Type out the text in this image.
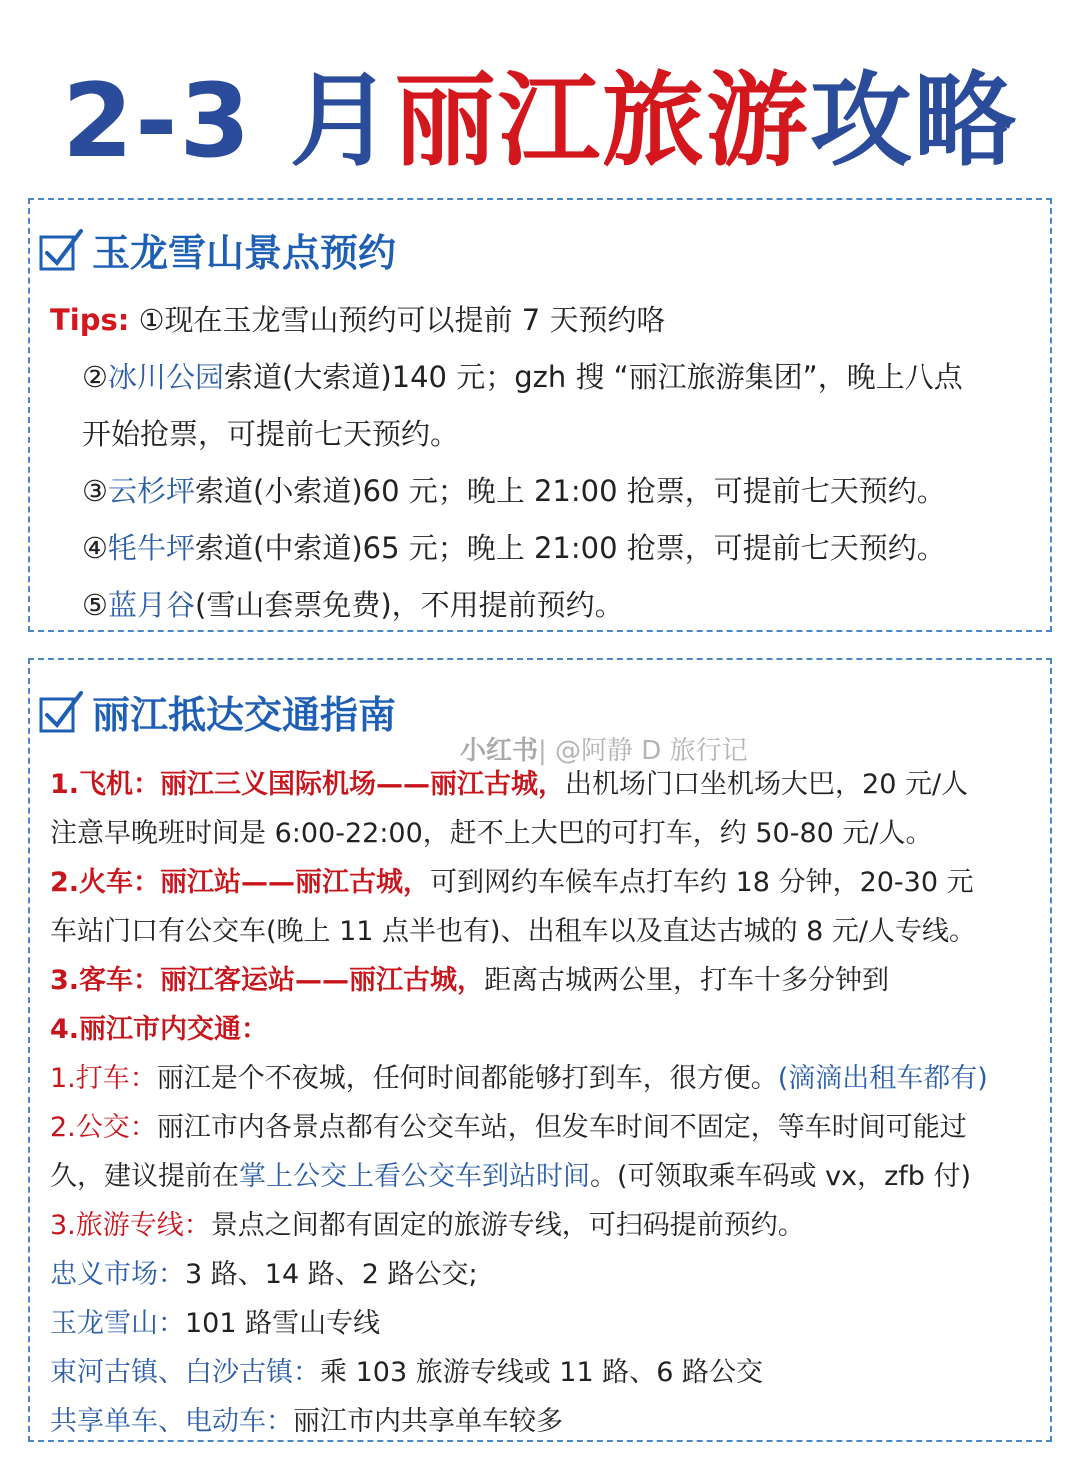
2-3 月丽江旅游攻略
玉龙雪山景点预约
Tips: ①现在玉龙雪山预约可以提前 7 天预约咯
②冰川公园索道(大索道)140 元；gzh 搜 “丽江旅游集团”，晚上八点
开始抢票，可提前七天预约。
③云杉坪索道(小索道)60 元；晚上 21:00 抢票，可提前七天预约。
④牦牛坪索道(中索道)65 元；晚上 21:00 抢票，可提前七天预约。
⑤蓝月谷(雪山套票免费)，不用提前预约。
丽江抵达交通指南
1.飞机：丽江三义国际机场——丽江古城，出机场门口坐机场大巴，20 元/人
注意早晚班时间是 6:00-22:00，赶不上大巴的可打车，约 50-80 元/人。
2.火车：丽江站——丽江古城，可到网约车候车点打车约 18 分钟，20-30 元
车站门口有公交车(晚上 11 点半也有)、出租车以及直达古城的 8 元/人专线。
3.客车：丽江客运站——丽江古城，距离古城两公里，打车十多分钟到
4.丽江市内交通：
1.打车：丽江是个不夜城，任何时间都能够打到车，很方便。(滴滴出租车都有)
2.公交：丽江市内各景点都有公交车站，但发车时间不固定，等车时间可能过
久，建议提前在掌上公交上看公交车到站时间。(可领取乘车码或 vx，zfb 付)
3.旅游专线：景点之间都有固定的旅游专线，可扫码提前预约。
忠义市场：3 路、14 路、2 路公交;
玉龙雪山：101 路雪山专线
束河古镇、白沙古镇：乘 103 旅游专线或 11 路、6 路公交
共享单车、电动车：丽江市内共享单车较多
小红书| @阿静 D 旅行记
